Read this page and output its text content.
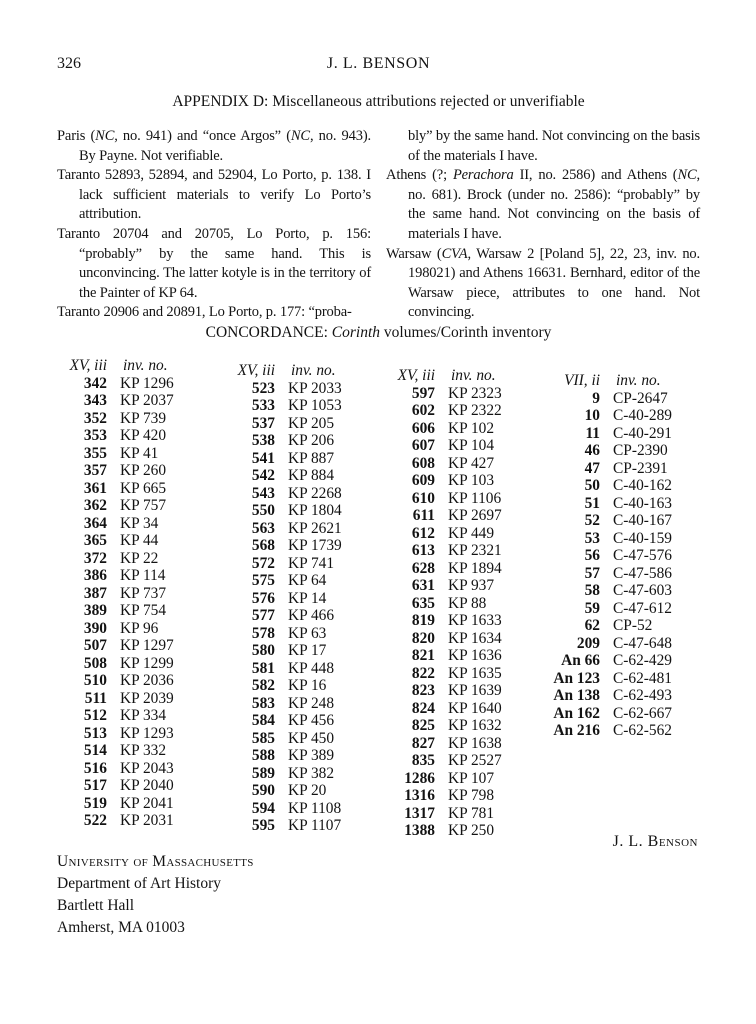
326	J. L. BENSON
APPENDIX D: Miscellaneous attributions rejected or unverifiable

Paris (NC, no. 941) and “once Argos” (NC, no. 943). By Payne. Not verifiable.

Taranto 52893, 52894, and 52904, Lo Porto, p. 138. I lack sufficient materials to verify Lo Porto’s attribution.

Taranto 20704 and 20705, Lo Porto, p. 156: “probably” by the same hand. This is unconvincing. The latter kotyle is in the territory of the Painter of KP 64.

Taranto 20906 and 20891, Lo Porto, p. 177: “proba-

bly” by the same hand. Not convincing on the basis of the materials I have.

Athens (?; Perachora II, no. 2586) and Athens (NC, no. 681). Brock (under no. 2586): “probably” by the same hand. Not convincing on the basis of materials I have.

Warsaw (CVA, Warsaw 2 [Poland 5], 22, 23, inv. no. 198021) and Athens 16631. Bernhard, editor of the Warsaw piece, attributes to one hand. Not convincing.

CONCORDANCE: Corinth volumes/Corinth inventory
XV, iii	inv. no.
342 KP 1296
343 KP 2037
352 KP 739
353 KP 420
355 KP 41
357 KP 260
361 KP 665
362 KP 757
364 KP 34
365 KP 44
372 KP 22
386 KP 114
387 KP 737
389 KP 754
390 KP 96
507 KP 1297
508 KP 1299
510 KP 2036
511 KP 2039
512 KP 334
513 KP 1293
514 KP 332
516 KP 2043
517 KP 2040
519 KP 2041
522 KP 2031
XV, iii	inv. no.
523 KP 2033
533 KP 1053
537 KP 205
538 KP 206
541 KP 887
542 KP 884
543 KP 2268
550 KP 1804
563 KP 2621
568 KP 1739
572 KP 741
575 KP 64
576 KP 14
577 KP 466
578 KP 63
580 KP 17
581 KP 448
582 KP 16
583 KP 248
584 KP 456
585 KP 450
588 KP 389
589 KP 382
590 KP 20
594 KP 1108
595 KP 1107
XV, iii	inv. no.
597 KP 2323
602 KP 2322
606 KP 102
607 KP 104
608 KP 427
609 KP 103
610 KP 1106
611 KP 2697
612 KP 449
613 KP 2321
628 KP 1894
631 KP 937
635 KP 88
819 KP 1633
820 KP 1634
821 KP 1636
822 KP 1635
823 KP 1639
824 KP 1640
825 KP 1632
827 KP 1638
835 KP 2527
1286 KP 107
1316 KP 798
1317 KP 781
1388 KP 250
VII, ii	inv. no.
9 CP-2647
10 C-40-289
11 C-40-291
46 CP-2390
47 CP-2391
50 C-40-162
51 C-40-163
52 C-40-167
53 C-40-159
56 C-47-576
57 C-47-586
58 C-47-603
59 C-47-612
62 CP-52
209 C-47-648
An 66 C-62-429
An 123 C-62-481
An 138 C-62-493
An 162 C-62-667
An 216 C-62-562
J. L. Benson
University of Massachusetts
Department of Art History
Bartlett Hall
Amherst, MA 01003
